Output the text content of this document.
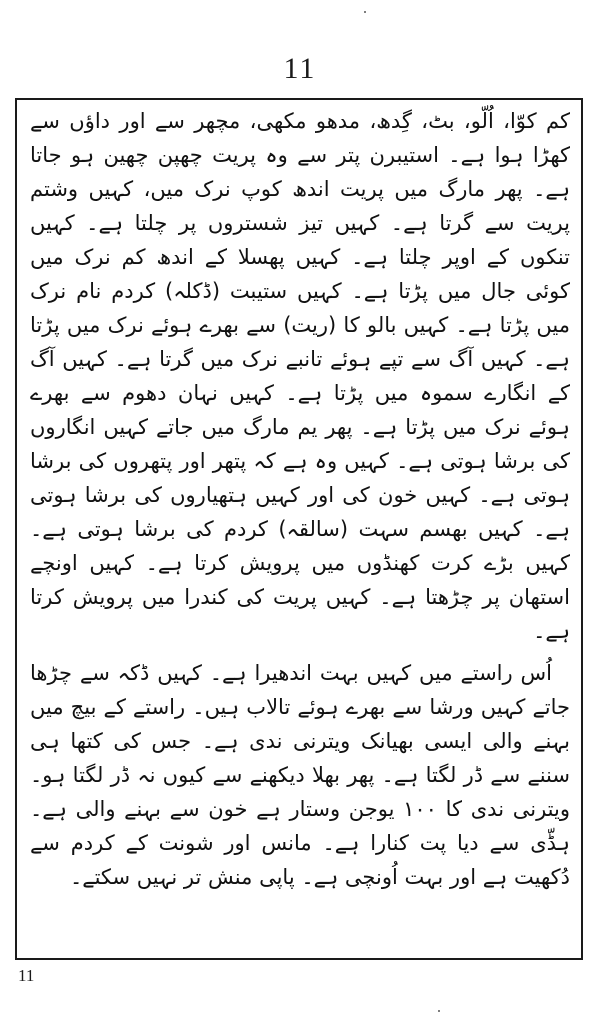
11

کم کوّا، اُلّو، بٹ، گِدھ، مدھو مکھی، مچھر سے اور داؤں سے کھڑا ہوا ہے۔ استیبرن پتر سے وہ پریت چھپن چھین ہو جاتا ہے۔ پھر مارگ میں پریت اندھ کوپ نرک میں، کہیں وشتم پریت سے گرتا ہے۔ کہیں تیز شستروں پر چلتا ہے۔ کہیں تنکوں کے اوپر چلتا ہے۔ کہیں پھسلا کے اندھ کم نرک میں کوئی جال میں پڑتا ہے۔ کہیں ستیبت (ڈکلہ) کردم نام نرک میں پڑتا ہے۔ کہیں بالو کا (ریت) سے بھرے ہوئے نرک میں پڑتا ہے۔ کہیں آگ سے تپے ہوئے تانبے نرک میں گرتا ہے۔ کہیں آگ کے انگارے سموہ میں پڑتا ہے۔ کہیں نہان دھوم سے بھرے ہوئے نرک میں پڑتا ہے۔ پھر یم مارگ میں جاتے کہیں انگاروں کی برشا ہوتی ہے۔ کہیں وہ ہے کہ پتھر اور پتھروں کی برشا ہوتی ہے۔ کہیں خون کی اور کہیں ہتھیاروں کی برشا ہوتی ہے۔ کہیں بھسم سہت (سالقہ) کردم کی برشا ہوتی ہے۔ کہیں بڑے کرت کھنڈوں میں پرویش کرتا ہے۔ کہیں اونچے استھان پر چڑھتا ہے۔ کہیں پریت کی کندرا میں پرویش کرتا ہے۔

اُس راستے میں کہیں بہت اندھیرا ہے۔ کہیں ڈکہ سے چڑھا جاتے کہیں ورشا سے بھرے ہوئے تالاب ہیں۔ راستے کے بیچ میں بہنے والی ایسی بھیانک ویترنی ندی ہے۔ جس کی کتھا ہی سننے سے ڈر لگتا ہے۔ پھر بھلا دیکھنے سے کیوں نہ ڈر لگتا ہو۔ ویترنی ندی کا ۱۰۰ یوجن وستار ہے خون سے بہنے والی ہے۔ ہڈّی سے دیا پت کنارا ہے۔ مانس اور شونت کے کردم سے دُکھیت ہے اور بہت اُونچی ہے۔ پاپی منش تر نہیں سکتے۔

11
